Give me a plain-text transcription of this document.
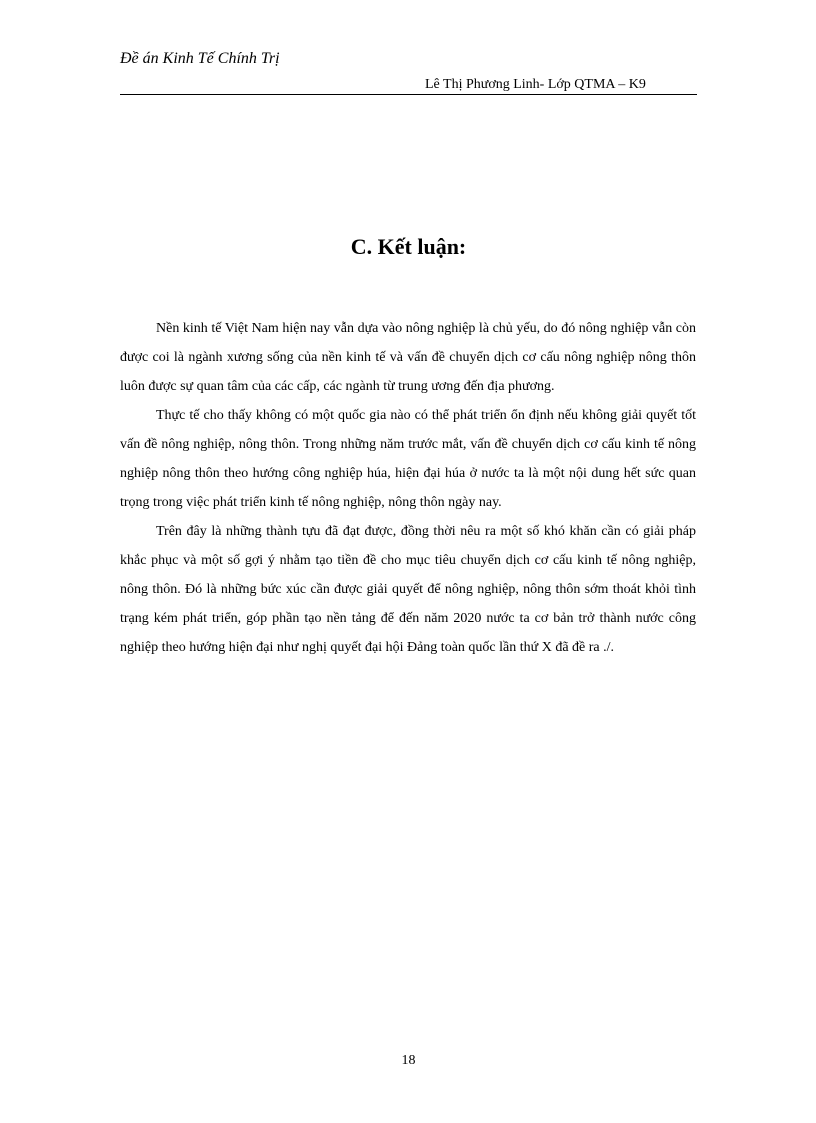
Đề án Kinh Tế Chính Trị
Lê Thị Phương Linh- Lớp QTMA – K9
C. Kết luận:

Nền kinh tế Việt Nam hiện nay vẫn dựa vào nông nghiệp là chủ yếu, do đó nông nghiệp vẫn còn được coi là ngành xương sống của nền kinh tế và vấn đề chuyển dịch cơ cấu nông nghiệp nông thôn luôn được sự quan tâm của các cấp, các ngành từ trung ương đến địa phương.

Thực tế cho thấy không có một quốc gia nào có thể phát triển ổn định nếu không giải quyết tốt vấn đề nông nghiệp, nông thôn. Trong những năm trước mắt, vấn đề chuyển dịch cơ cấu kinh tế nông nghiệp nông thôn theo hướng công nghiệp húa, hiện đại húa ở nước ta là một nội dung hết sức quan trọng trong việc phát triển kinh tế nông nghiệp, nông thôn ngày nay.

Trên đây là những thành tựu đã đạt được, đồng thời nêu ra một số khó khăn cần có giải pháp khắc phục và một số gợi ý nhằm tạo tiền đề cho mục tiêu chuyển dịch cơ cấu kinh tế nông nghiệp, nông thôn. Đó là những bức xúc cần được giải quyết để nông nghiệp, nông thôn sớm thoát khỏi tình trạng kém phát triển, góp phần tạo nền tảng để đến năm 2020 nước ta cơ bản trở thành nước công nghiệp theo hướng hiện đại như nghị quyết đại hội Đảng toàn quốc lần thứ X đã đề ra ./.

18
